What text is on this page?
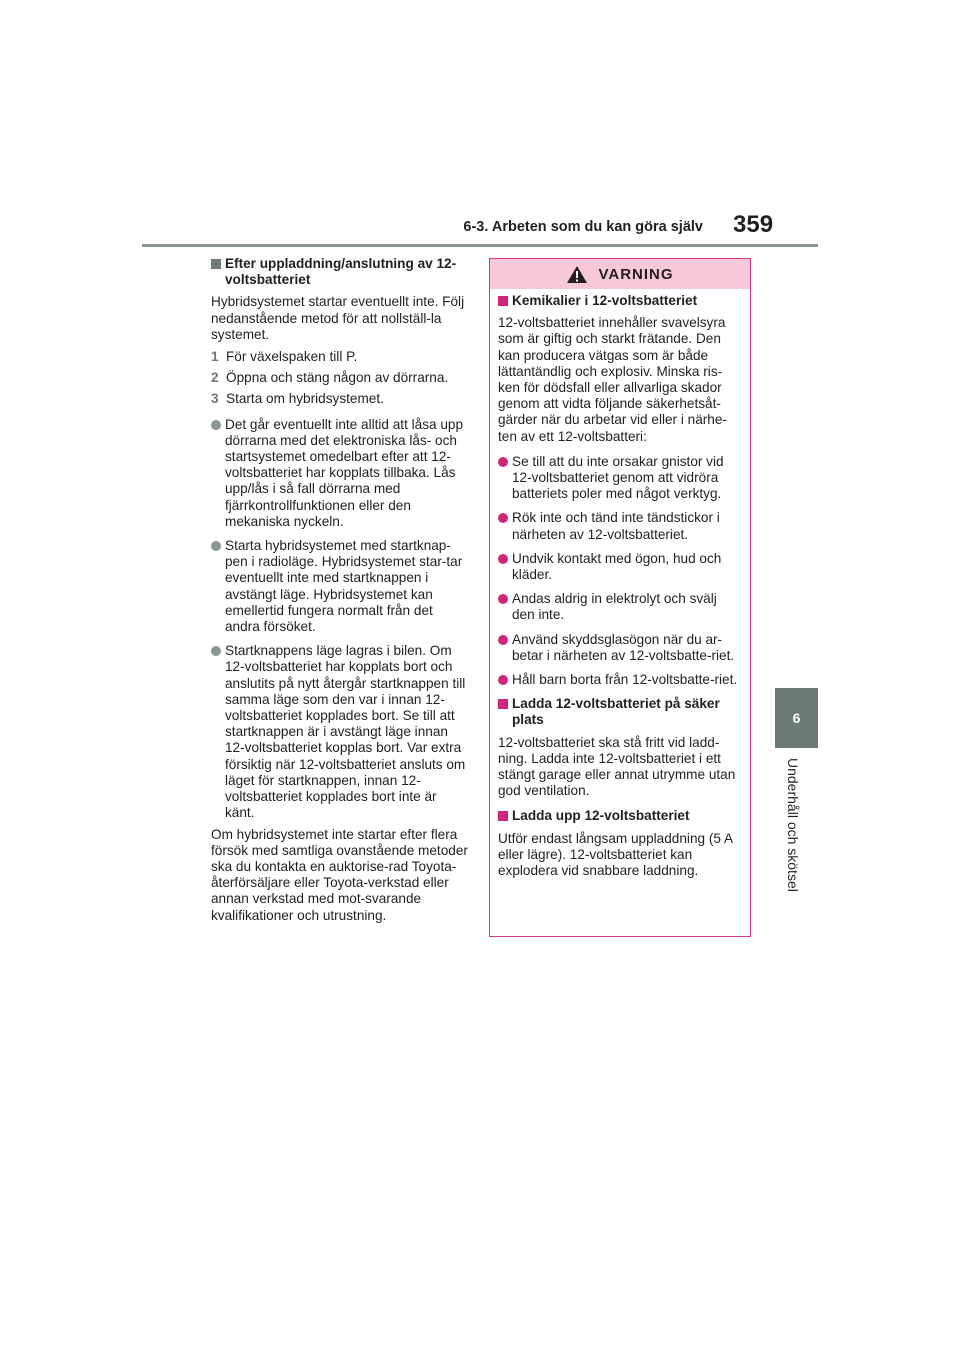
6-3. Arbeten som du kan göra själv 359
6
Underhåll och skötsel
Efter uppladdning/anslutning av 12-voltsbatteriet

Hybridsystemet startar eventuellt inte. Följ nedanstående metod för att nollställ-la systemet.

1 För växelspaken till P.
2 Öppna och stäng någon av dörrarna.
3 Starta om hybridsystemet.
Det går eventuellt inte alltid att låsa upp dörrarna med det elektroniska lås- och startsystemet omedelbart efter att 12-voltsbatteriet har kopplats tillbaka. Lås upp/lås i så fall dörrarna med fjärrkontrollfunktionen eller den mekaniska nyckeln.
Starta hybridsystemet med startknap-pen i radioläge. Hybridsystemet star-tar eventuellt inte med startknappen i avstängt läge. Hybridsystemet kan emellertid fungera normalt från det andra försöket.
Startknappens läge lagras i bilen. Om 12-voltsbatteriet har kopplats bort och anslutits på nytt återgår startknappen till samma läge som den var i innan 12-voltsbatteriet kopplades bort. Se till att startknappen är i avstängt läge innan 12-voltsbatteriet kopplas bort. Var extra försiktig när 12-voltsbatteriet ansluts om läget för startknappen, innan 12-voltsbatteriet kopplades bort inte är känt.

Om hybridsystemet inte startar efter flera försök med samtliga ovanstående metoder ska du kontakta en auktorise-rad Toyota-återförsäljare eller Toyota-verkstad eller annan verkstad med mot-svarande kvalifikationer och utrustning.

VARNING
Kemikalier i 12-voltsbatteriet

12-voltsbatteriet innehåller svavelsyra som är giftig och starkt frätande. Den kan producera vätgas som är både lättantändlig och explosiv. Minska ris-ken för dödsfall eller allvarliga skador genom att vidta följande säkerhetsåt-gärder när du arbetar vid eller i närhe-ten av ett 12-voltsbatteri:

Se till att du inte orsakar gnistor vid 12-voltsbatteriet genom att vidröra batteriets poler med något verktyg.
Rök inte och tänd inte tändstickor i närheten av 12-voltsbatteriet.
Undvik kontakt med ögon, hud och kläder.
Andas aldrig in elektrolyt och svälj den inte.
Använd skyddsglasögon när du ar-betar i närheten av 12-voltsbatte-riet.
Håll barn borta från 12-voltsbatte-riet.
Ladda 12-voltsbatteriet på säker plats

12-voltsbatteriet ska stå fritt vid ladd-ning. Ladda inte 12-voltsbatteriet i ett stängt garage eller annat utrymme utan god ventilation.

Ladda upp 12-voltsbatteriet

Utför endast långsam uppladdning (5 A eller lägre). 12-voltsbatteriet kan explodera vid snabbare laddning.
